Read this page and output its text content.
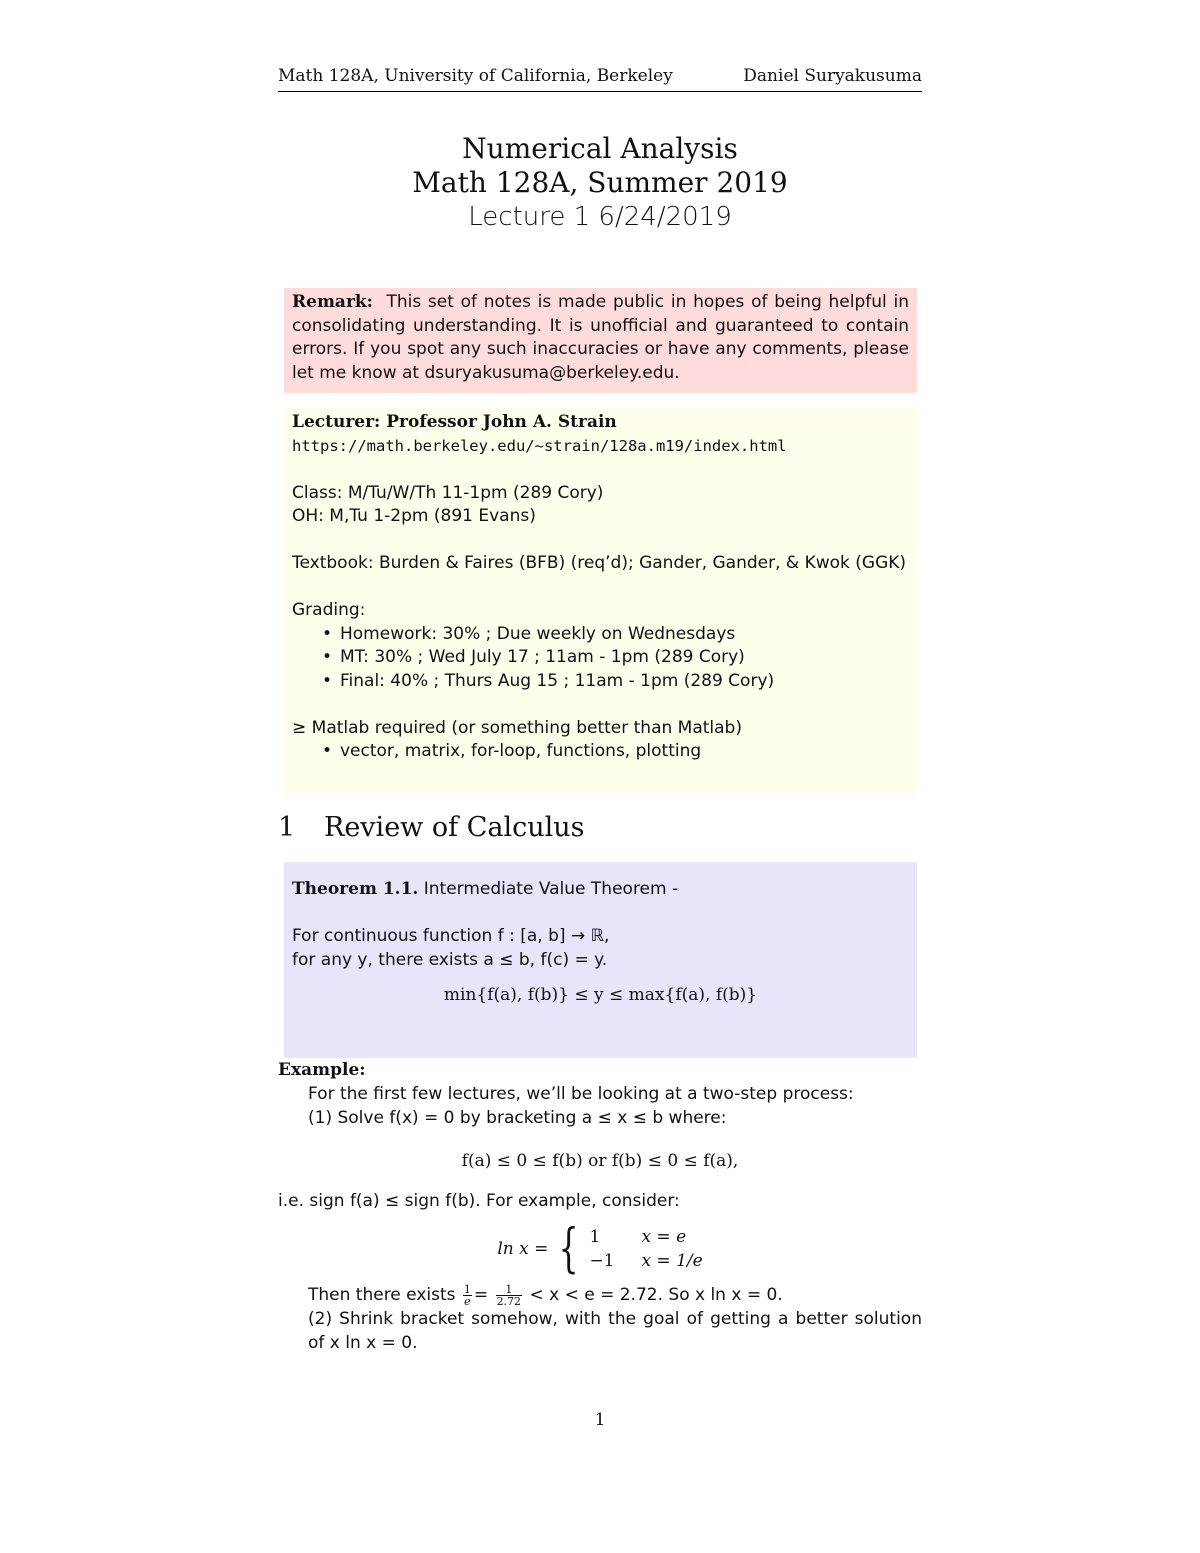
Math 128A, University of California, Berkeley	Daniel Suryakusuma
Numerical Analysis
Math 128A, Summer 2019
Lecture 1 6/24/2019
Remark: This set of notes is made public in hopes of being helpful in consolidating understanding. It is unofficial and guaranteed to contain errors. If you spot any such inaccuracies or have any comments, please let me know at dsuryakusuma@berkeley.edu.
Lecturer: Professor John A. Strain
https://math.berkeley.edu/~strain/128a.m19/index.html
Class: M/Tu/W/Th 11-1pm (289 Cory)
OH: M,Tu 1-2pm (891 Evans)
Textbook: Burden & Faires (BFB) (req’d); Gander, Gander, & Kwok (GGK)
Grading:
• Homework: 30% ; Due weekly on Wednesdays
• MT: 30% ; Wed July 17 ; 11am - 1pm (289 Cory)
• Final: 40% ; Thurs Aug 15 ; 11am - 1pm (289 Cory)
≥ Matlab required (or something better than Matlab)
• vector, matrix, for-loop, functions, plotting
1 Review of Calculus
Theorem 1.1. Intermediate Value Theorem -
For continuous function f : [a, b] → ℝ,
for any y, there exists a ≤ b, f(c) = y.
min{f(a), f(b)} ≤ y ≤ max{f(a), f(b)}
Example:
For the first few lectures, we’ll be looking at a two-step process:
(1) Solve f(x) = 0 by bracketing a ≤ x ≤ b where:
f(a) ≤ 0 ≤ f(b) or f(b) ≤ 0 ≤ f(a),
i.e. sign f(a) ≤ sign f(b). For example, consider:
ln x = { 1 x = e
−1 x = 1/e
Then there exists $\frac{1}{e} = \frac{1}{2.72} < x < e = 2.72$. So x ln x = 0.
(2) Shrink bracket somehow, with the goal of getting a better solution of x ln x = 0.
1
